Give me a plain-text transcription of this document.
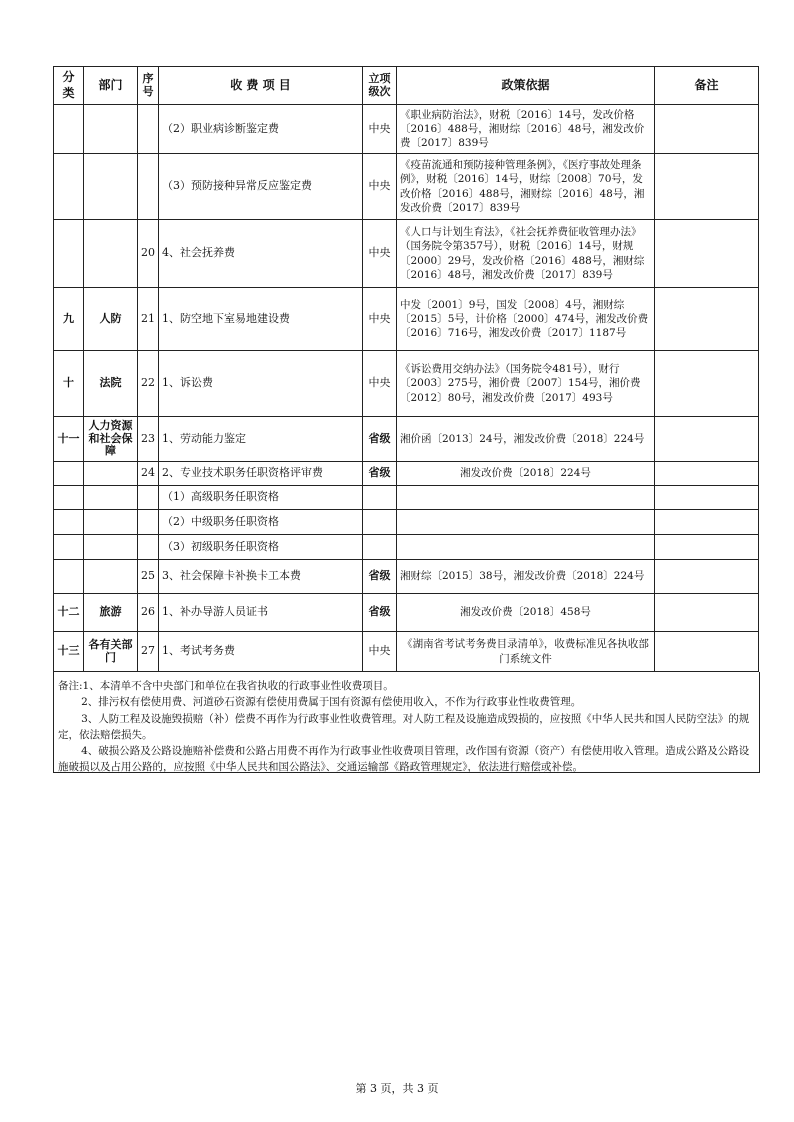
分类	部门	序号	收 费 项 目	立项级次	政策依据	备注
			（2）职业病诊断鉴定费	中央	《职业病防治法》，财税〔2016〕14号，发改价格〔2016〕488号，湘财综〔2016〕48号，湘发改价费〔2017〕839号	
			（3）预防接种异常反应鉴定费	中央	《疫苗流通和预防接种管理条例》，《医疗事故处理条例》，财税〔2016〕14号，财综〔2008〕70号，发改价格〔2016〕488号，湘财综〔2016〕48号，湘发改价费〔2017〕839号	
		20	4、社会抚养费	中央	《人口与计划生育法》，《社会抚养费征收管理办法》（国务院令第357号），财税〔2016〕14号，财规〔2000〕29号，发改价格〔2016〕488号，湘财综〔2016〕48号，湘发改价费〔2017〕839号	
九	人防	21	1、防空地下室易地建设费	中央	中发〔2001〕9号，国发〔2008〕4号，湘财综〔2015〕5号，计价格〔2000〕474号，湘发改价费〔2016〕716号，湘发改价费〔2017〕1187号	
十	法院	22	1、诉讼费	中央	《诉讼费用交纳办法》（国务院令481号），财行〔2003〕275号，湘价费〔2007〕154号，湘价费〔2012〕80号，湘发改价费〔2017〕493号	
十一	人力资源和社会保障	23	1、劳动能力鉴定	省级	湘价函〔2013〕24号，湘发改价费〔2018〕224号	
		24	2、专业技术职务任职资格评审费	省级	湘发改价费〔2018〕224号	
			（1）高级职务任职资格			
			（2）中级职务任职资格			
			（3）初级职务任职资格			
		25	3、社会保障卡补换卡工本费	省级	湘财综〔2015〕38号，湘发改价费〔2018〕224号	
十二	旅游	26	1、补办导游人员证书	省级	湘发改价费〔2018〕458号	
十三	各有关部门	27	1、考试考务费	中央	《湖南省考试考务费目录清单》，收费标准见各执收部门系统文件	

备注:1、本清单不含中央部门和单位在我省执收的行政事业性收费项目。

2、排污权有偿使用费、河道砂石资源有偿使用费属于国有资源有偿使用收入，不作为行政事业性收费管理。

3、人防工程及设施毁损赔（补）偿费不再作为行政事业性收费管理。对人防工程及设施造成毁损的，应按照《中华人民共和国人民防空法》的规定，依法赔偿损失。

4、破损公路及公路设施赔补偿费和公路占用费不再作为行政事业性收费项目管理，改作国有资源（资产）有偿使用收入管理。造成公路及公路设施破损以及占用公路的，应按照《中华人民共和国公路法》、交通运输部《路政管理规定》，依法进行赔偿或补偿。

第 3 页，共 3 页
